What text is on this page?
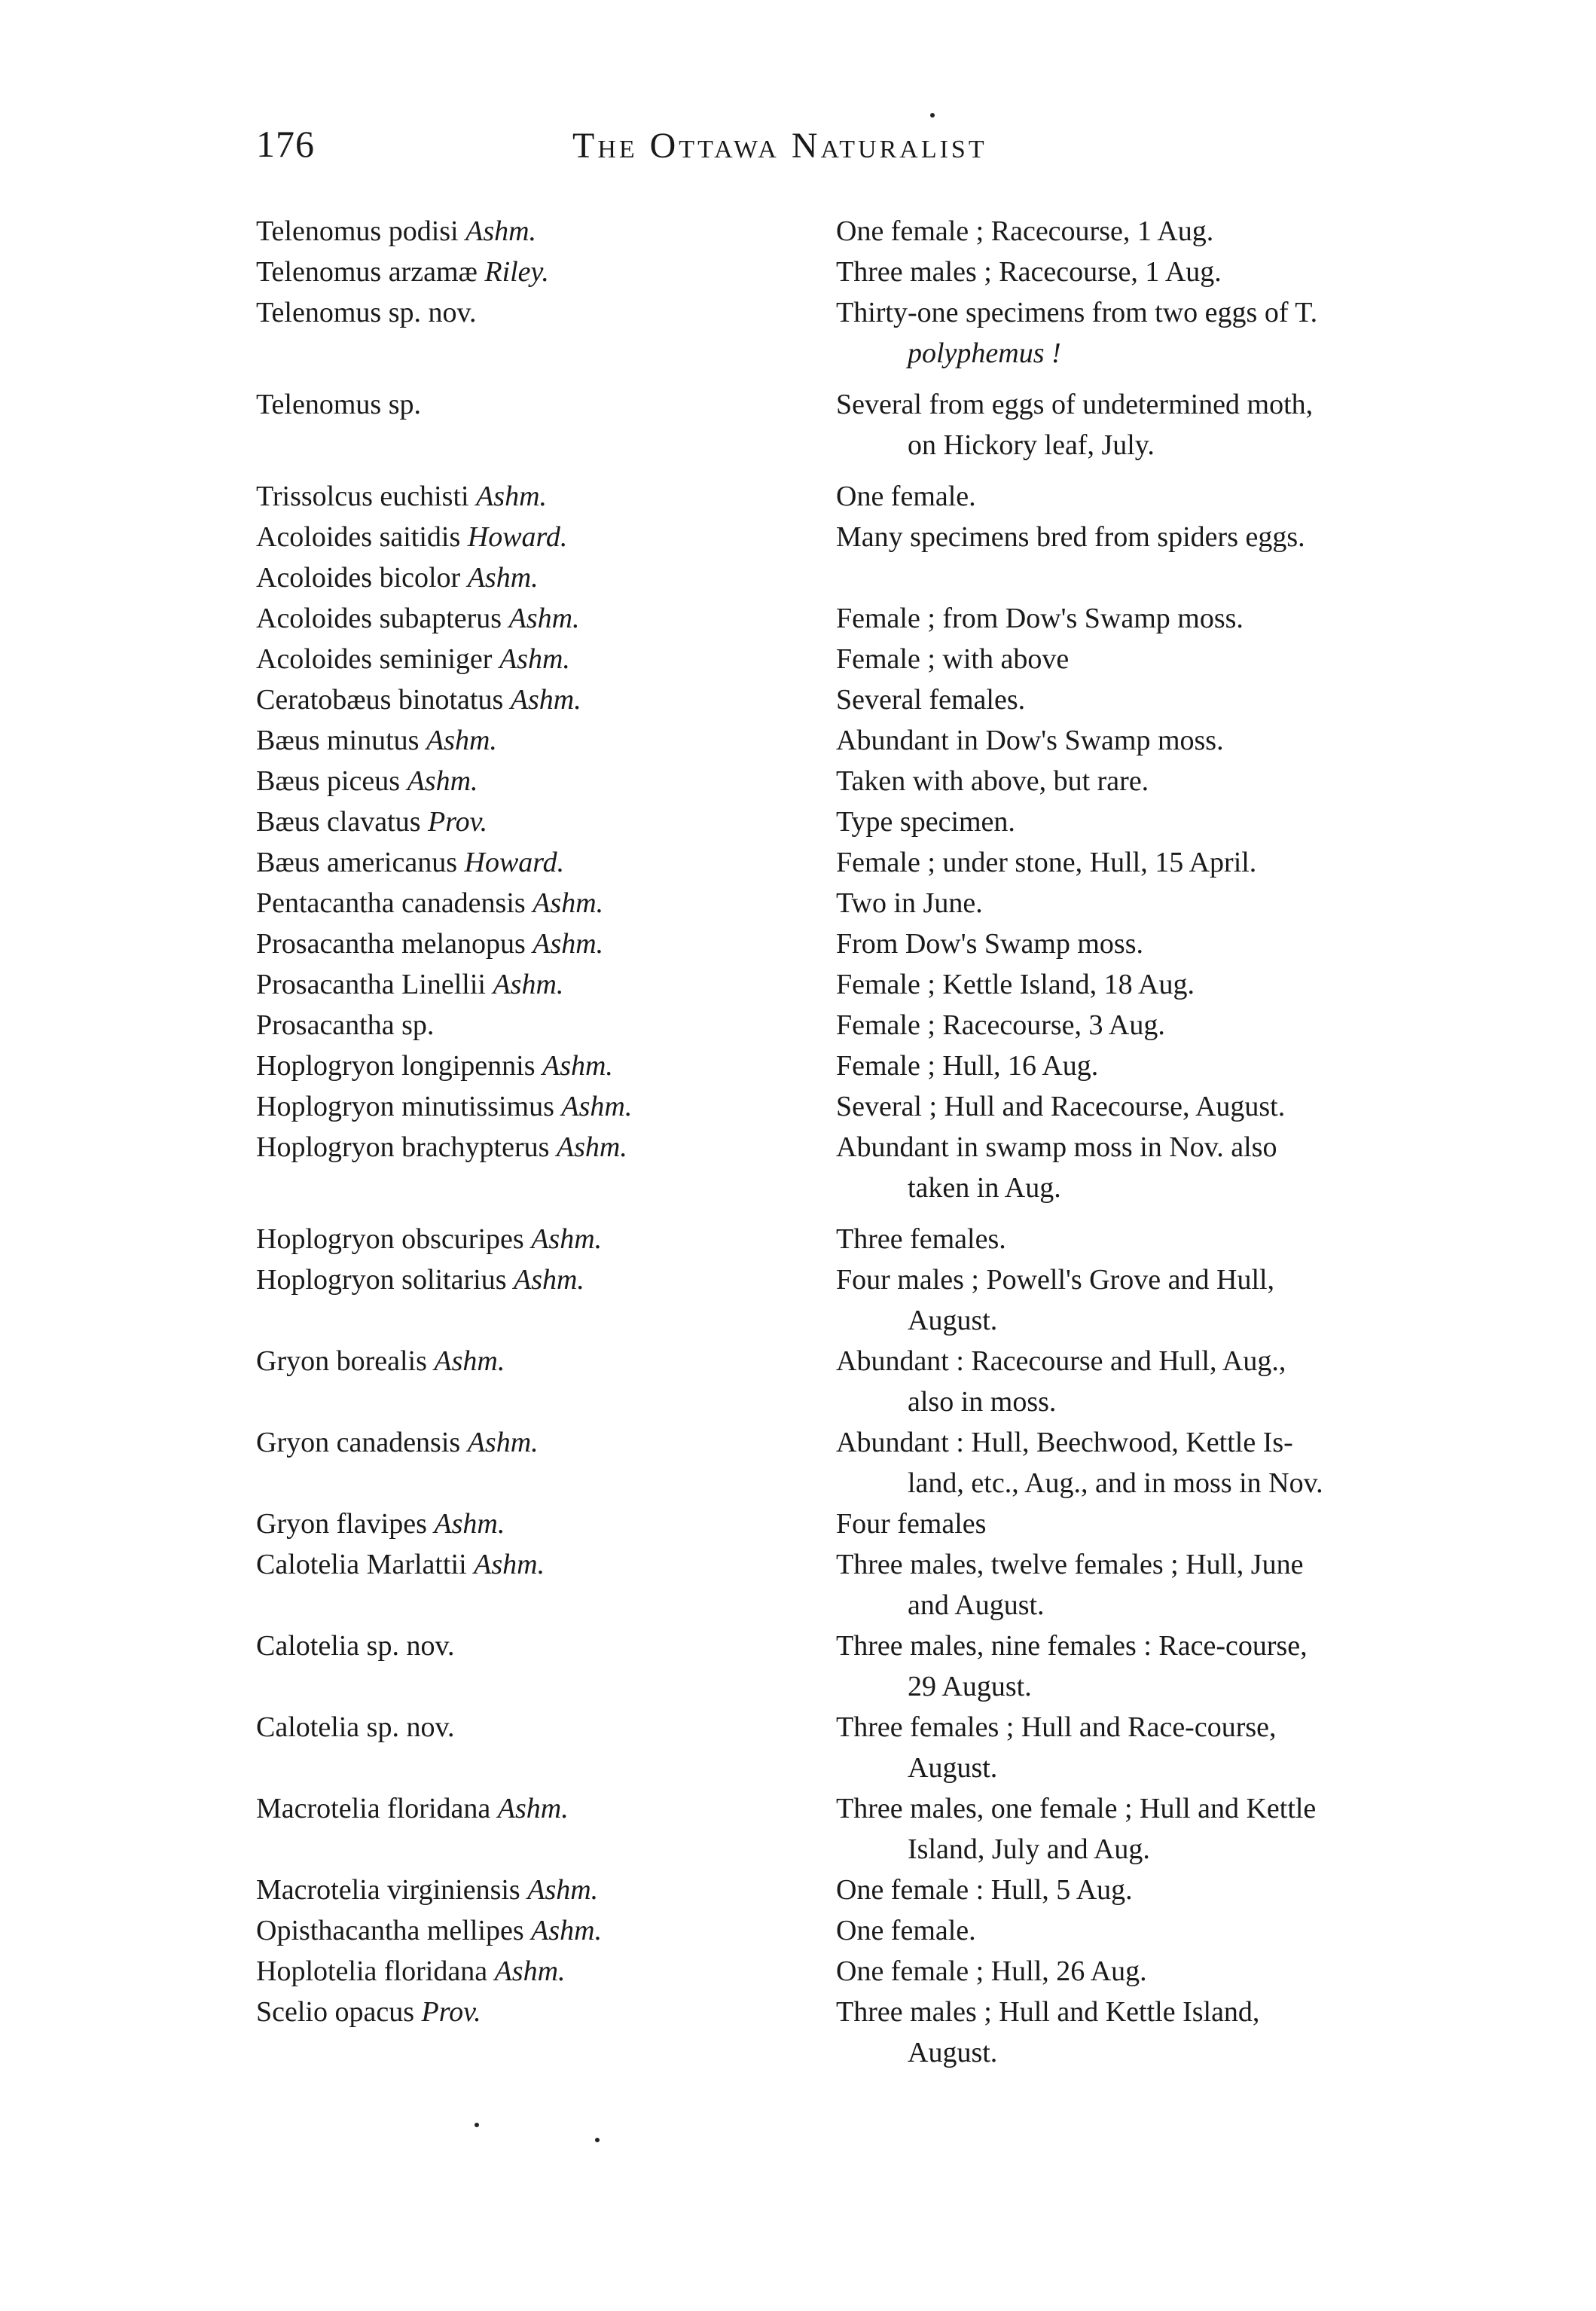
176	The Ottawa Naturalist
Telenomus podisi Ashm.	One female ; Racecourse, 1 Aug.
Telenomus arzamæ Riley.	Three males ; Racecourse, 1 Aug.
Telenomus sp. nov.	Thirty-one specimens from two eggs of T.
polyphemus !
Telenomus sp.	Several from eggs of undetermined moth,
on Hickory leaf, July.
Trissolcus euchisti Ashm.	One female.
Acoloides saitidis Howard.	Many specimens bred from spiders eggs.
Acoloides bicolor Ashm.

Acoloides subapterus Ashm.	Female ; from Dow's Swamp moss.
Acoloides seminiger Ashm.	Female ; with above
Ceratobæus binotatus Ashm.	Several females.
Bæus minutus Ashm.	Abundant in Dow's Swamp moss.
Bæus piceus Ashm.	Taken with above, but rare.
Bæus clavatus Prov.	Type specimen.
Bæus americanus Howard.	Female ; under stone, Hull, 15 April.
Pentacantha canadensis Ashm.	Two in June.
Prosacantha melanopus Ashm.	From Dow's Swamp moss.
Prosacantha Linellii Ashm.	Female ; Kettle Island, 18 Aug.
Prosacantha sp.	Female ; Racecourse, 3 Aug.
Hoplogryon longipennis Ashm.	Female ; Hull, 16 Aug.
Hoplogryon minutissimus Ashm.	Several ; Hull and Racecourse, August.
Hoplogryon brachypterus Ashm.	Abundant in swamp moss in Nov. also
taken in Aug.
Hoplogryon obscuripes Ashm.	Three females.
Hoplogryon solitarius Ashm.	Four males ; Powell's Grove and Hull,
August.
Gryon borealis Ashm.	Abundant : Racecourse and Hull, Aug.,
also in moss.
Gryon canadensis Ashm.	Abundant : Hull, Beechwood, Kettle Is-
land, etc., Aug., and in moss in Nov.
Gryon flavipes Ashm.	Four females
Calotelia Marlattii Ashm.	Three males, twelve females ; Hull, June
and August.
Calotelia sp. nov.	Three males, nine females : Race-course,
29 August.
Calotelia sp. nov.	Three females ; Hull and Race-course,
August.
Macrotelia floridana Ashm.	Three males, one female ; Hull and Kettle
Island, July and Aug.
Macrotelia virginiensis Ashm.	One female : Hull, 5 Aug.
Opisthacantha mellipes Ashm.	One female.
Hoplotelia floridana Ashm.	One female ; Hull, 26 Aug.
Scelio opacus Prov.	Three males ; Hull and Kettle Island,
August.
